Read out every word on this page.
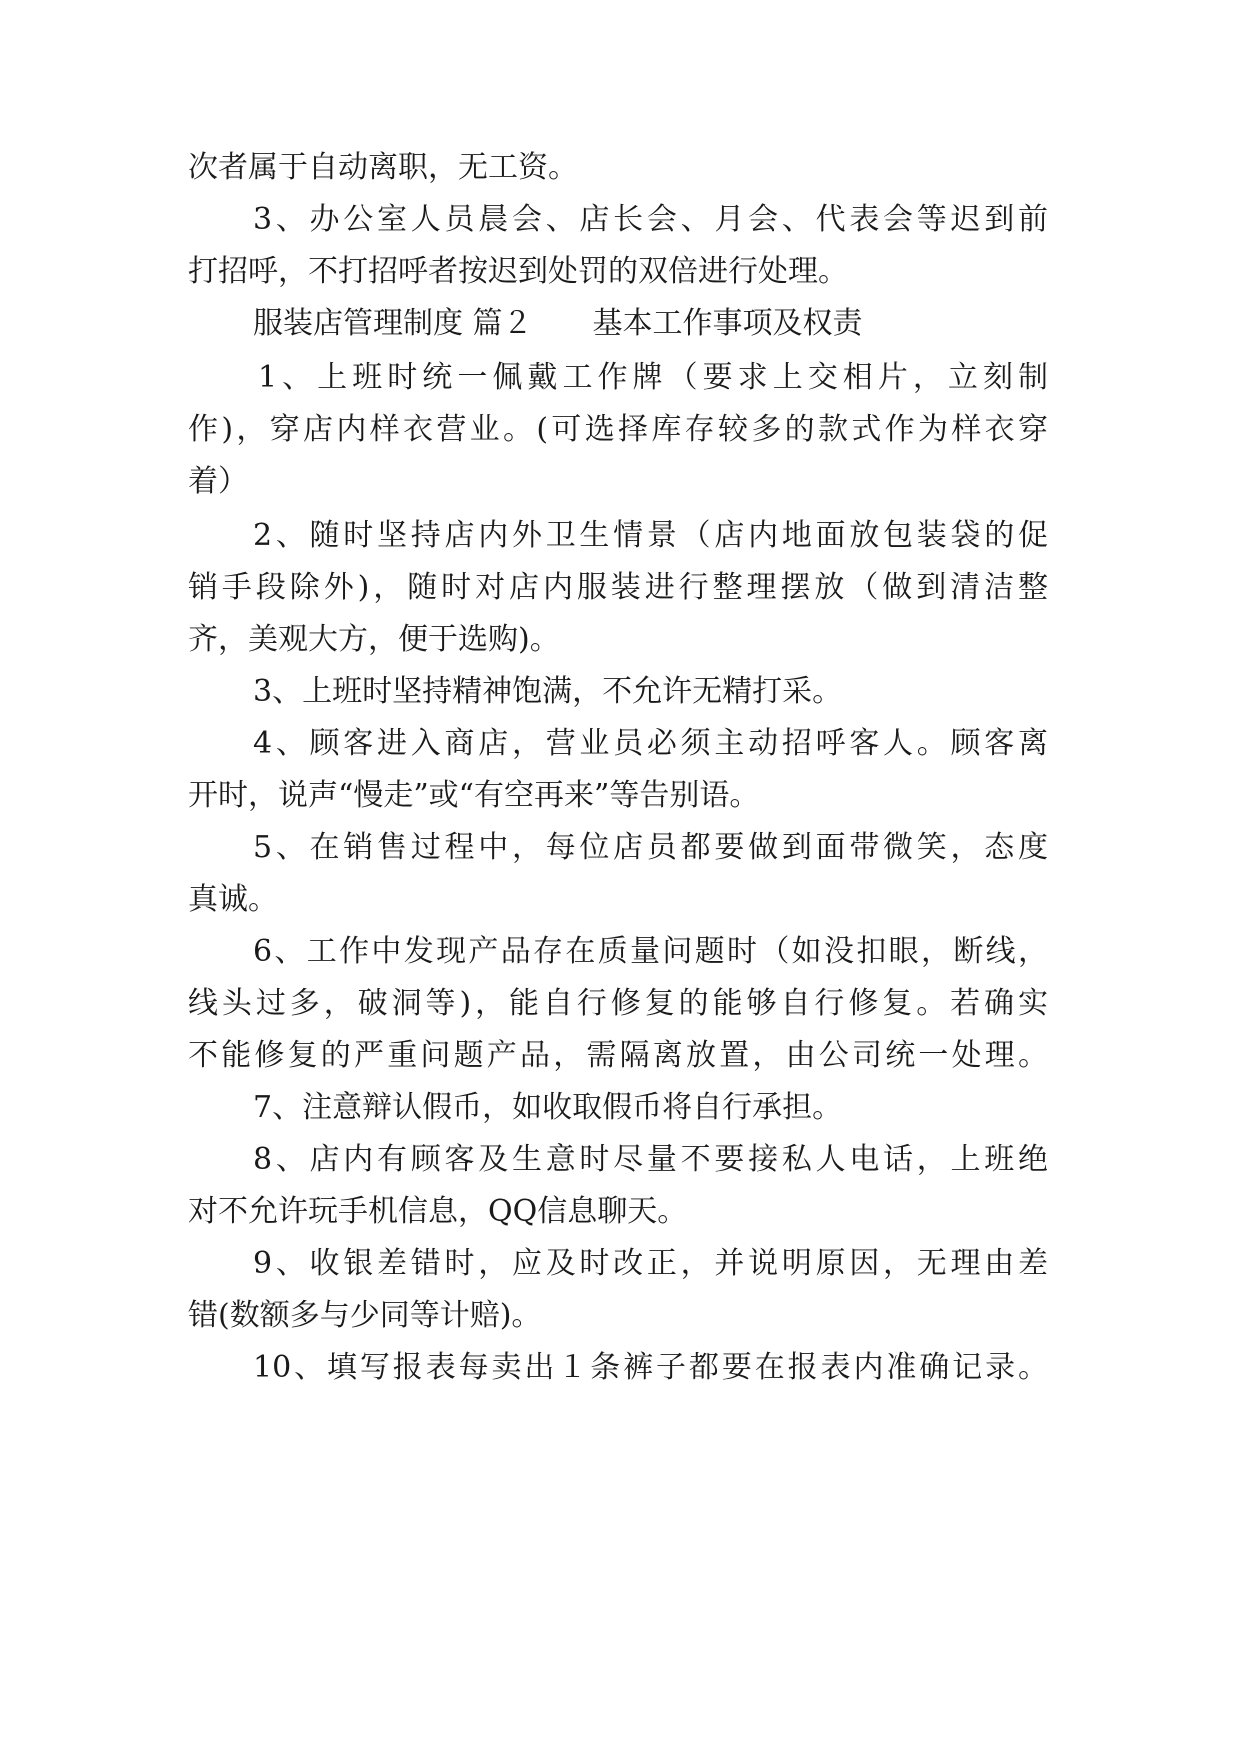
次者属于自动离职，无工资。
3、办公室人员晨会、店长会、月会、代表会等迟到前
打招呼，不打招呼者按迟到处罚的双倍进行处理。
服装店管理制度 篇２ 基本工作事项及权责
1、上班时统一佩戴工作牌（要求上交相片，立刻制
作)，穿店内样衣营业。(可选择库存较多的款式作为样衣穿
着）
2、随时坚持店内外卫生情景（店内地面放包装袋的促
销手段除外)，随时对店内服装进行整理摆放（做到清洁整
齐，美观大方，便于选购)。
3、上班时坚持精神饱满，不允许无精打采。
4、顾客进入商店，营业员必须主动招呼客人。顾客离
开时，说声“慢走”或“有空再来”等告别语。
5、在销售过程中，每位店员都要做到面带微笑，态度
真诚。
6、工作中发现产品存在质量问题时（如没扣眼，断线，
线头过多，破洞等)，能自行修复的能够自行修复。若确实
不能修复的严重问题产品，需隔离放置，由公司统一处理。
7、注意辩认假币，如收取假币将自行承担。
8、店内有顾客及生意时尽量不要接私人电话，上班绝
对不允许玩手机信息，QQ信息聊天。
9、收银差错时，应及时改正，并说明原因，无理由差
错(数额多与少同等计赔)。
10、填写报表每卖出１条裤子都要在报表内准确记录。
